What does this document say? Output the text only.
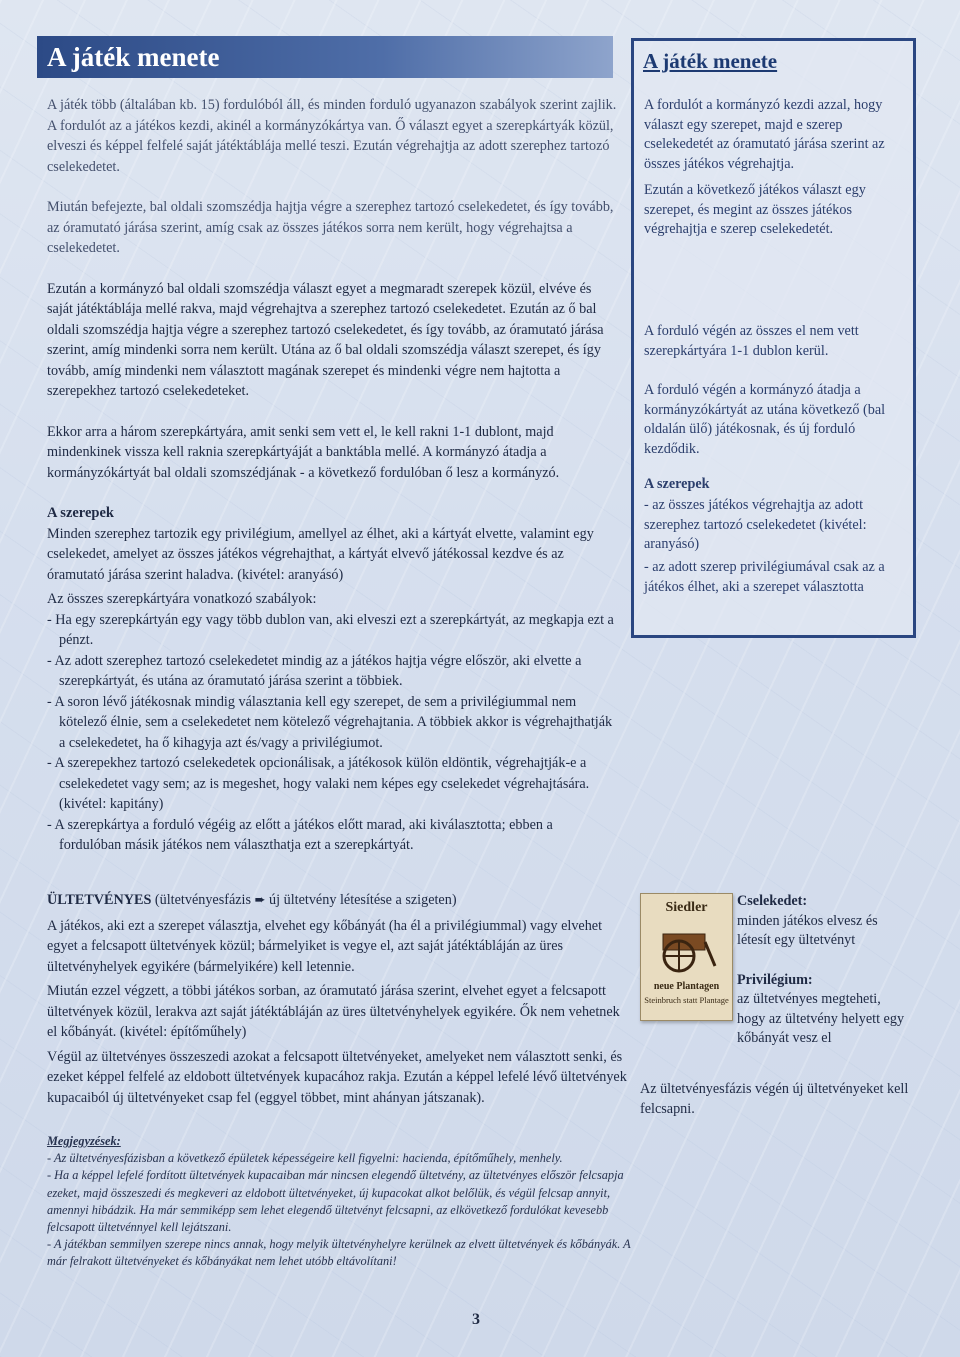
A játék menete

A játék több (általában kb. 15) fordulóból áll, és minden forduló ugyanazon szabályok szerint zajlik. A fordulót az a játékos kezdi, akinél a kormányzókártya van. Ő választ egyet a szerepkártyák közül, elveszi és képpel felfelé saját játéktáblája mellé teszi. Ezután végrehajtja az adott szerephez tartozó cselekedetet.

Miután befejezte, bal oldali szomszédja hajtja végre a szerephez tartozó cselekedetet, és így tovább, az óramutató járása szerint, amíg csak az összes játékos sorra nem került, hogy végrehajtsa a cselekedetet.

Ezután a kormányzó bal oldali szomszédja választ egyet a megmaradt szerepek közül, elvéve és saját játéktáblája mellé rakva, majd végrehajtva a szerephez tartozó cselekedetet. Ezután az ő bal oldali szomszédja hajtja végre a szerephez tartozó cselekedetet, és így tovább, az óramutató járása szerint, amíg mindenki sorra nem került. Utána az ő bal oldali szomszédja választ szerepet, és így tovább, amíg mindenki nem választott magának szerepet és mindenki végre nem hajtotta a szerepekhez tartozó cselekedeteket.

Ekkor arra a három szerepkártyára, amit senki sem vett el, le kell rakni 1-1 dublont, majd mindenkinek vissza kell raknia szerepkártyáját a banktábla mellé. A kormányzó átadja a kormányzókártyát bal oldali szomszédjának - a következő fordulóban ő lesz a kormányzó.

A szerepek

Minden szerephez tartozik egy privilégium, amellyel az élhet, aki a kártyát elvette, valamint egy cselekedet, amelyet az összes játékos végrehajthat, a kártyát elvevő játékossal kezdve és az óramutató járása szerint haladva. (kivétel: aranyásó)

Az összes szerepkártyára vonatkozó szabályok:
- Ha egy szerepkártyán egy vagy több dublon van, aki elveszi ezt a szerepkártyát, az megkapja ezt a pénzt.
- Az adott szerephez tartozó cselekedetet mindig az a játékos hajtja végre először, aki elvette a szerepkártyát, és utána az óramutató járása szerint a többiek.
- A soron lévő játékosnak mindig választania kell egy szerepet, de sem a privilégiummal nem kötelező élnie, sem a cselekedetet nem kötelező végrehajtania. A többiek akkor is végrehajthatják a cselekedetet, ha ő kihagyja azt és/vagy a privilégiumot.
- A szerepekhez tartozó cselekedetek opcionálisak, a játékosok külön eldöntik, végrehajtják-e a cselekedetet vagy sem; az is megeshet, hogy valaki nem képes egy cselekedet végrehajtására. (kivétel: kapitány)
- A szerepkártya a forduló végéig az előtt a játékos előtt marad, aki kiválasztotta; ebben a fordulóban másik játékos nem választhatja ezt a szerepkártyát.
A játék menete
A fordulót a kormányzó kezdi azzal, hogy választ egy szerepet, majd e szerep cselekedetét az óramutató járása szerint az összes játékos végrehajtja.
Ezután a következő játékos választ egy szerepet, és megint az összes játékos végrehajtja e szerep cselekedetét.
A forduló végén az összes el nem vett szerepkártyára 1-1 dublon kerül.
A forduló végén a kormányzó átadja a kormányzókártyát az utána következő (bal oldalán ülő) játékosnak, és új forduló kezdődik.
A szerepek
- az összes játékos végrehajtja az adott szerephez tartozó cselekedetet (kivétel: aranyásó)
- az adott szerep privilégiumával csak az a játékos élhet, aki a szerepet választotta

ÜLTETVÉNYES (ültetvényesfázis ➨ új ültetvény létesítése a szigeten)

A játékos, aki ezt a szerepet választja, elvehet egy kőbányát (ha él a privilégiummal) vagy elvehet egyet a felcsapott ültetvények közül; bármelyiket is vegye el, azt saját játéktábláján az üres ültetvényhelyek egyikére (bármelyikére) kell letennie.

Miután ezzel végzett, a többi játékos sorban, az óramutató járása szerint, elvehet egyet a felcsapott ültetvények közül, lerakva azt saját játéktábláján az üres ültetvényhelyek egyikére. Ők nem vehetnek el kőbányát. (kivétel: építőműhely)

Végül az ültetvényes összeszedi azokat a felcsapott ültetvényeket, amelyeket nem választott senki, és ezeket képpel felfelé az eldobott ültetvények kupacához rakja. Ezután a képpel lefelé lévő ültetvények kupacaiból új ültetvényeket csap fel (eggyel többet, mint ahányan játszanak).

Siedler
neue Plantagen
Steinbruch statt Plantage
Cselekedet:
minden játékos elvesz és létesít egy ültetvényt
Privilégium:
az ültetvényes megteheti, hogy az ültetvény helyett egy kőbányát vesz el
Az ültetvényesfázis végén új ültetvényeket kell felcsapni.
Megjegyzések:
- Az ültetvényesfázisban a következő épületek képességeire kell figyelni: hacienda, építőműhely, menhely.
- Ha a képpel lefelé fordított ültetvények kupacaiban már nincsen elegendő ültetvény, az ültetvényes először felcsapja ezeket, majd összeszedi és megkeveri az eldobott ültetvényeket, új kupacokat alkot belőlük, és végül felcsap annyit, amennyi hibádzik. Ha már semmiképp sem lehet elegendő ültetvényt felcsapni, az elkövetkező fordulókat kevesebb felcsapott ültetvénnyel kell lejátszani.
- A játékban semmilyen szerepe nincs annak, hogy melyik ültetvényhelyre kerülnek az elvett ültetvények és kőbányák. A már felrakott ültetvényeket és kőbányákat nem lehet utóbb eltávolítani!
3
